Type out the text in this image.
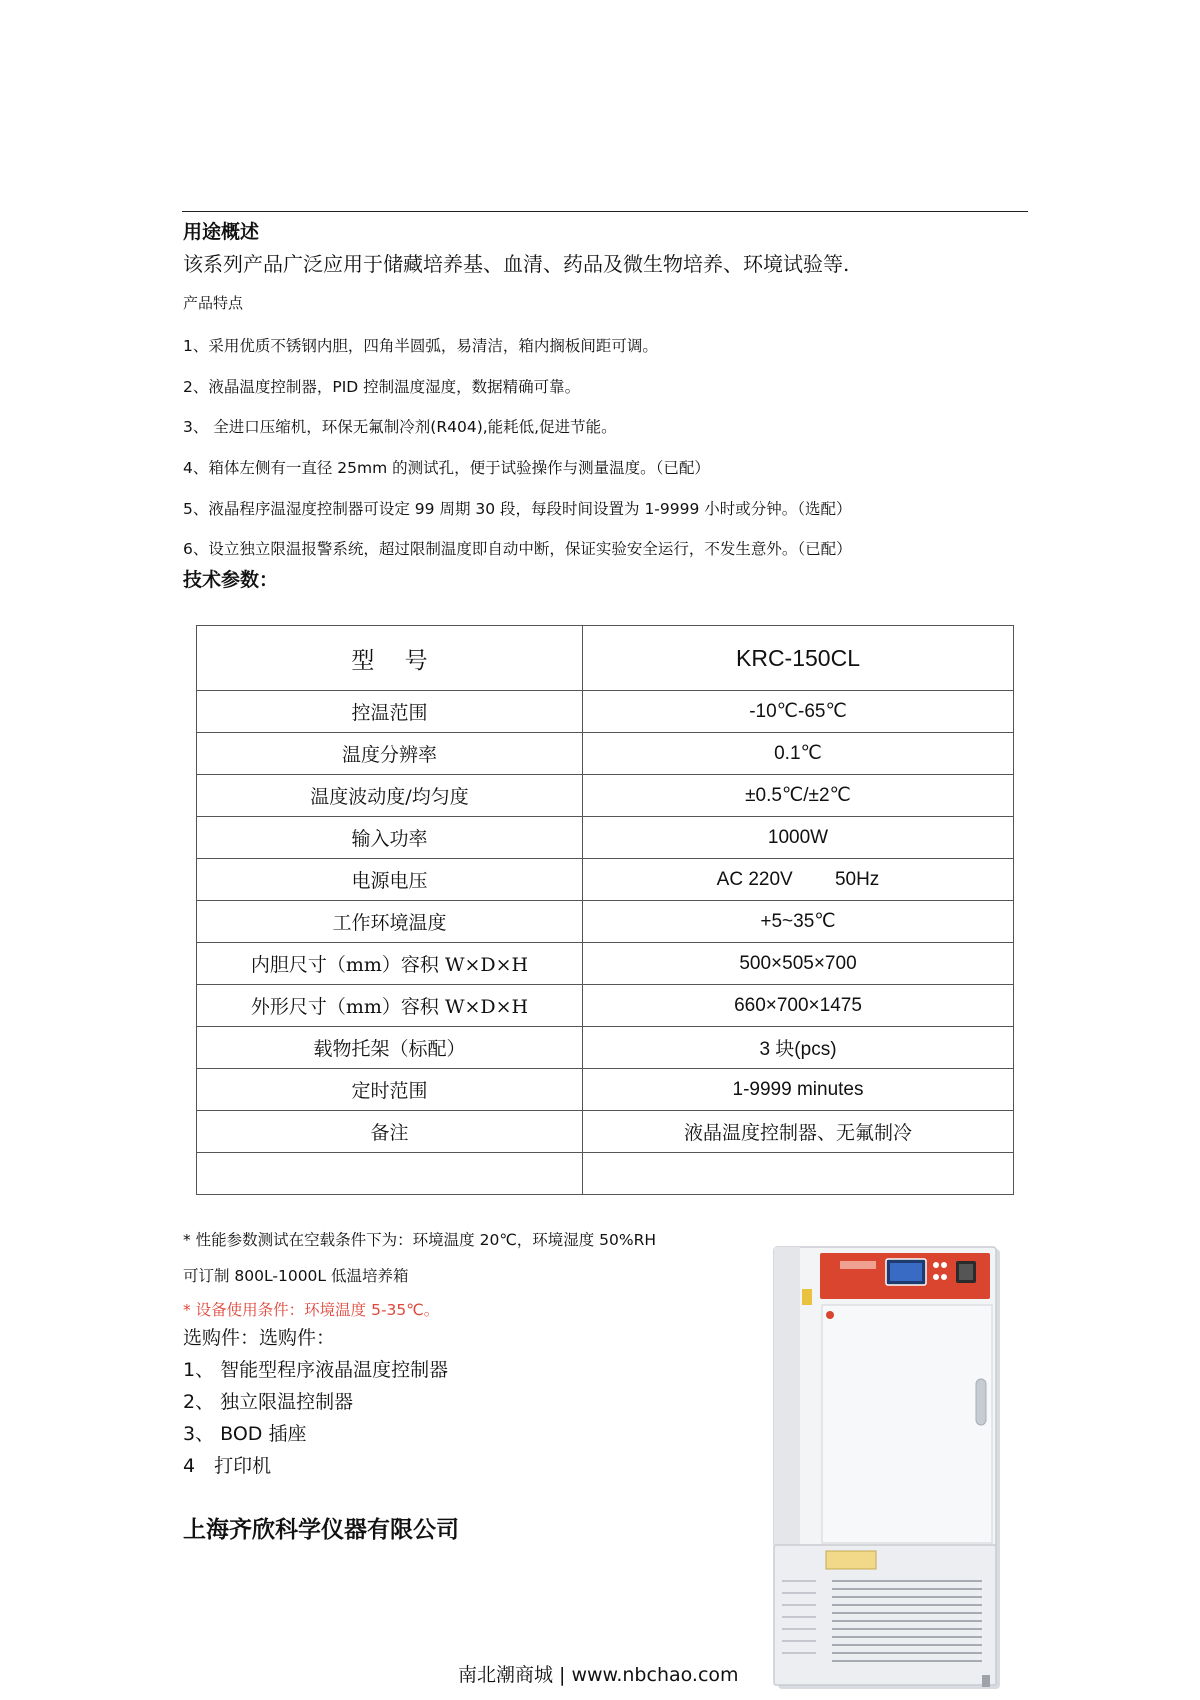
用途概述
该系列产品广泛应用于储藏培养基、血清、药品及微生物培养、环境试验等.
产品特点
1、采用优质不锈钢内胆，四角半圆弧，易清洁，箱内搁板间距可调。
2、液晶温度控制器，PID 控制温度湿度，数据精确可靠。
3、 全进口压缩机，环保无氟制冷剂(R404),能耗低,促进节能。
4、箱体左侧有一直径 25mm 的测试孔，便于试验操作与测量温度。（已配）
5、液晶程序温湿度控制器可设定 99 周期 30 段，每段时间设置为 1-9999 小时或分钟。（选配）
6、设立独立限温报警系统，超过限制温度即自动中断，保证实验安全运行，不发生意外。（已配）
技术参数：
型　 号	KRC-150CL
控温范围	-10℃-65℃
温度分辨率	0.1℃
温度波动度/均匀度	±0.5℃/±2℃
输入功率	1000W
电源电压	AC 220V        50Hz
工作环境温度	+5~35℃
内胆尺寸（mm）容积 W×D×H	500×505×700
外形尺寸（mm）容积 W×D×H	660×700×1475
载物托架（标配）	3 块(pcs)
定时范围	1-9999 minutes
备注	液晶温度控制器、无氟制冷

* 性能参数测试在空载条件下为：环境温度 20℃，环境湿度 50%RH
可订制 800L-1000L 低温培养箱
* 设备使用条件：环境温度 5-35℃。
选购件：选购件：
1、 智能型程序液晶温度控制器
2、 独立限温控制器
3、 BOD 插座
4　打印机
上海齐欣科学仪器有限公司
南北潮商城 | www.nbchao.com
